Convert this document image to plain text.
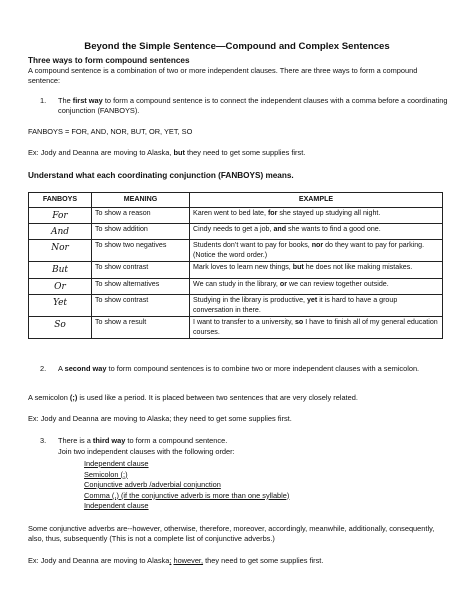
Beyond the Simple Sentence—Compound and Complex Sentences
Three ways to form compound sentences
A compound sentence is a combination of two or more independent clauses. There are three ways to form a compound sentence:
1. The first way to form a compound sentence is to connect the independent clauses with a comma before a coordinating conjunction (FANBOYS).
FANBOYS = FOR, AND, NOR, BUT, OR, YET, SO
Ex: Jody and Deanna are moving to Alaska, but they need to get some supplies first.
Understand what each coordinating conjunction (FANBOYS) means.
FANBOYS	MEANING	EXAMPLE
For	To show a reason	Karen went to bed late, for she stayed up studying all night.
And	To show addition	Cindy needs to get a job, and she wants to find a good one.
Nor	To show two negatives	Students don’t want to pay for books, nor do they want to pay for parking. (Notice the word order.)
But	To show contrast	Mark loves to learn new things, but he does not like making mistakes.
Or	To show alternatives	We can study in the library, or we can review together outside.
Yet	To show contrast	Studying in the library is productive, yet it is hard to have a group conversation in there.
So	To show a result	I want to transfer to a university, so I have to finish all of my general education courses.
2. A second way to form compound sentences is to combine two or more independent clauses with a semicolon.
A semicolon (;) is used like a period. It is placed between two sentences that are very closely related.
Ex: Jody and Deanna are moving to Alaska; they need to get some supplies first.
3. There is a third way to form a compound sentence.
Join two independent clauses with the following order:
Independent clause
Semicolon (;)
Conjunctive adverb /adverbial conjunction
Comma (,) (if the conjunctive adverb is more than one syllable)
Independent clause
Some conjunctive adverbs are--however, otherwise, therefore, moreover, accordingly, meanwhile, additionally, consequently, also, thus, subsequently (This is not a complete list of conjunctive adverbs.)
Ex: Jody and Deanna are moving to Alaska; however, they need to get some supplies first.
